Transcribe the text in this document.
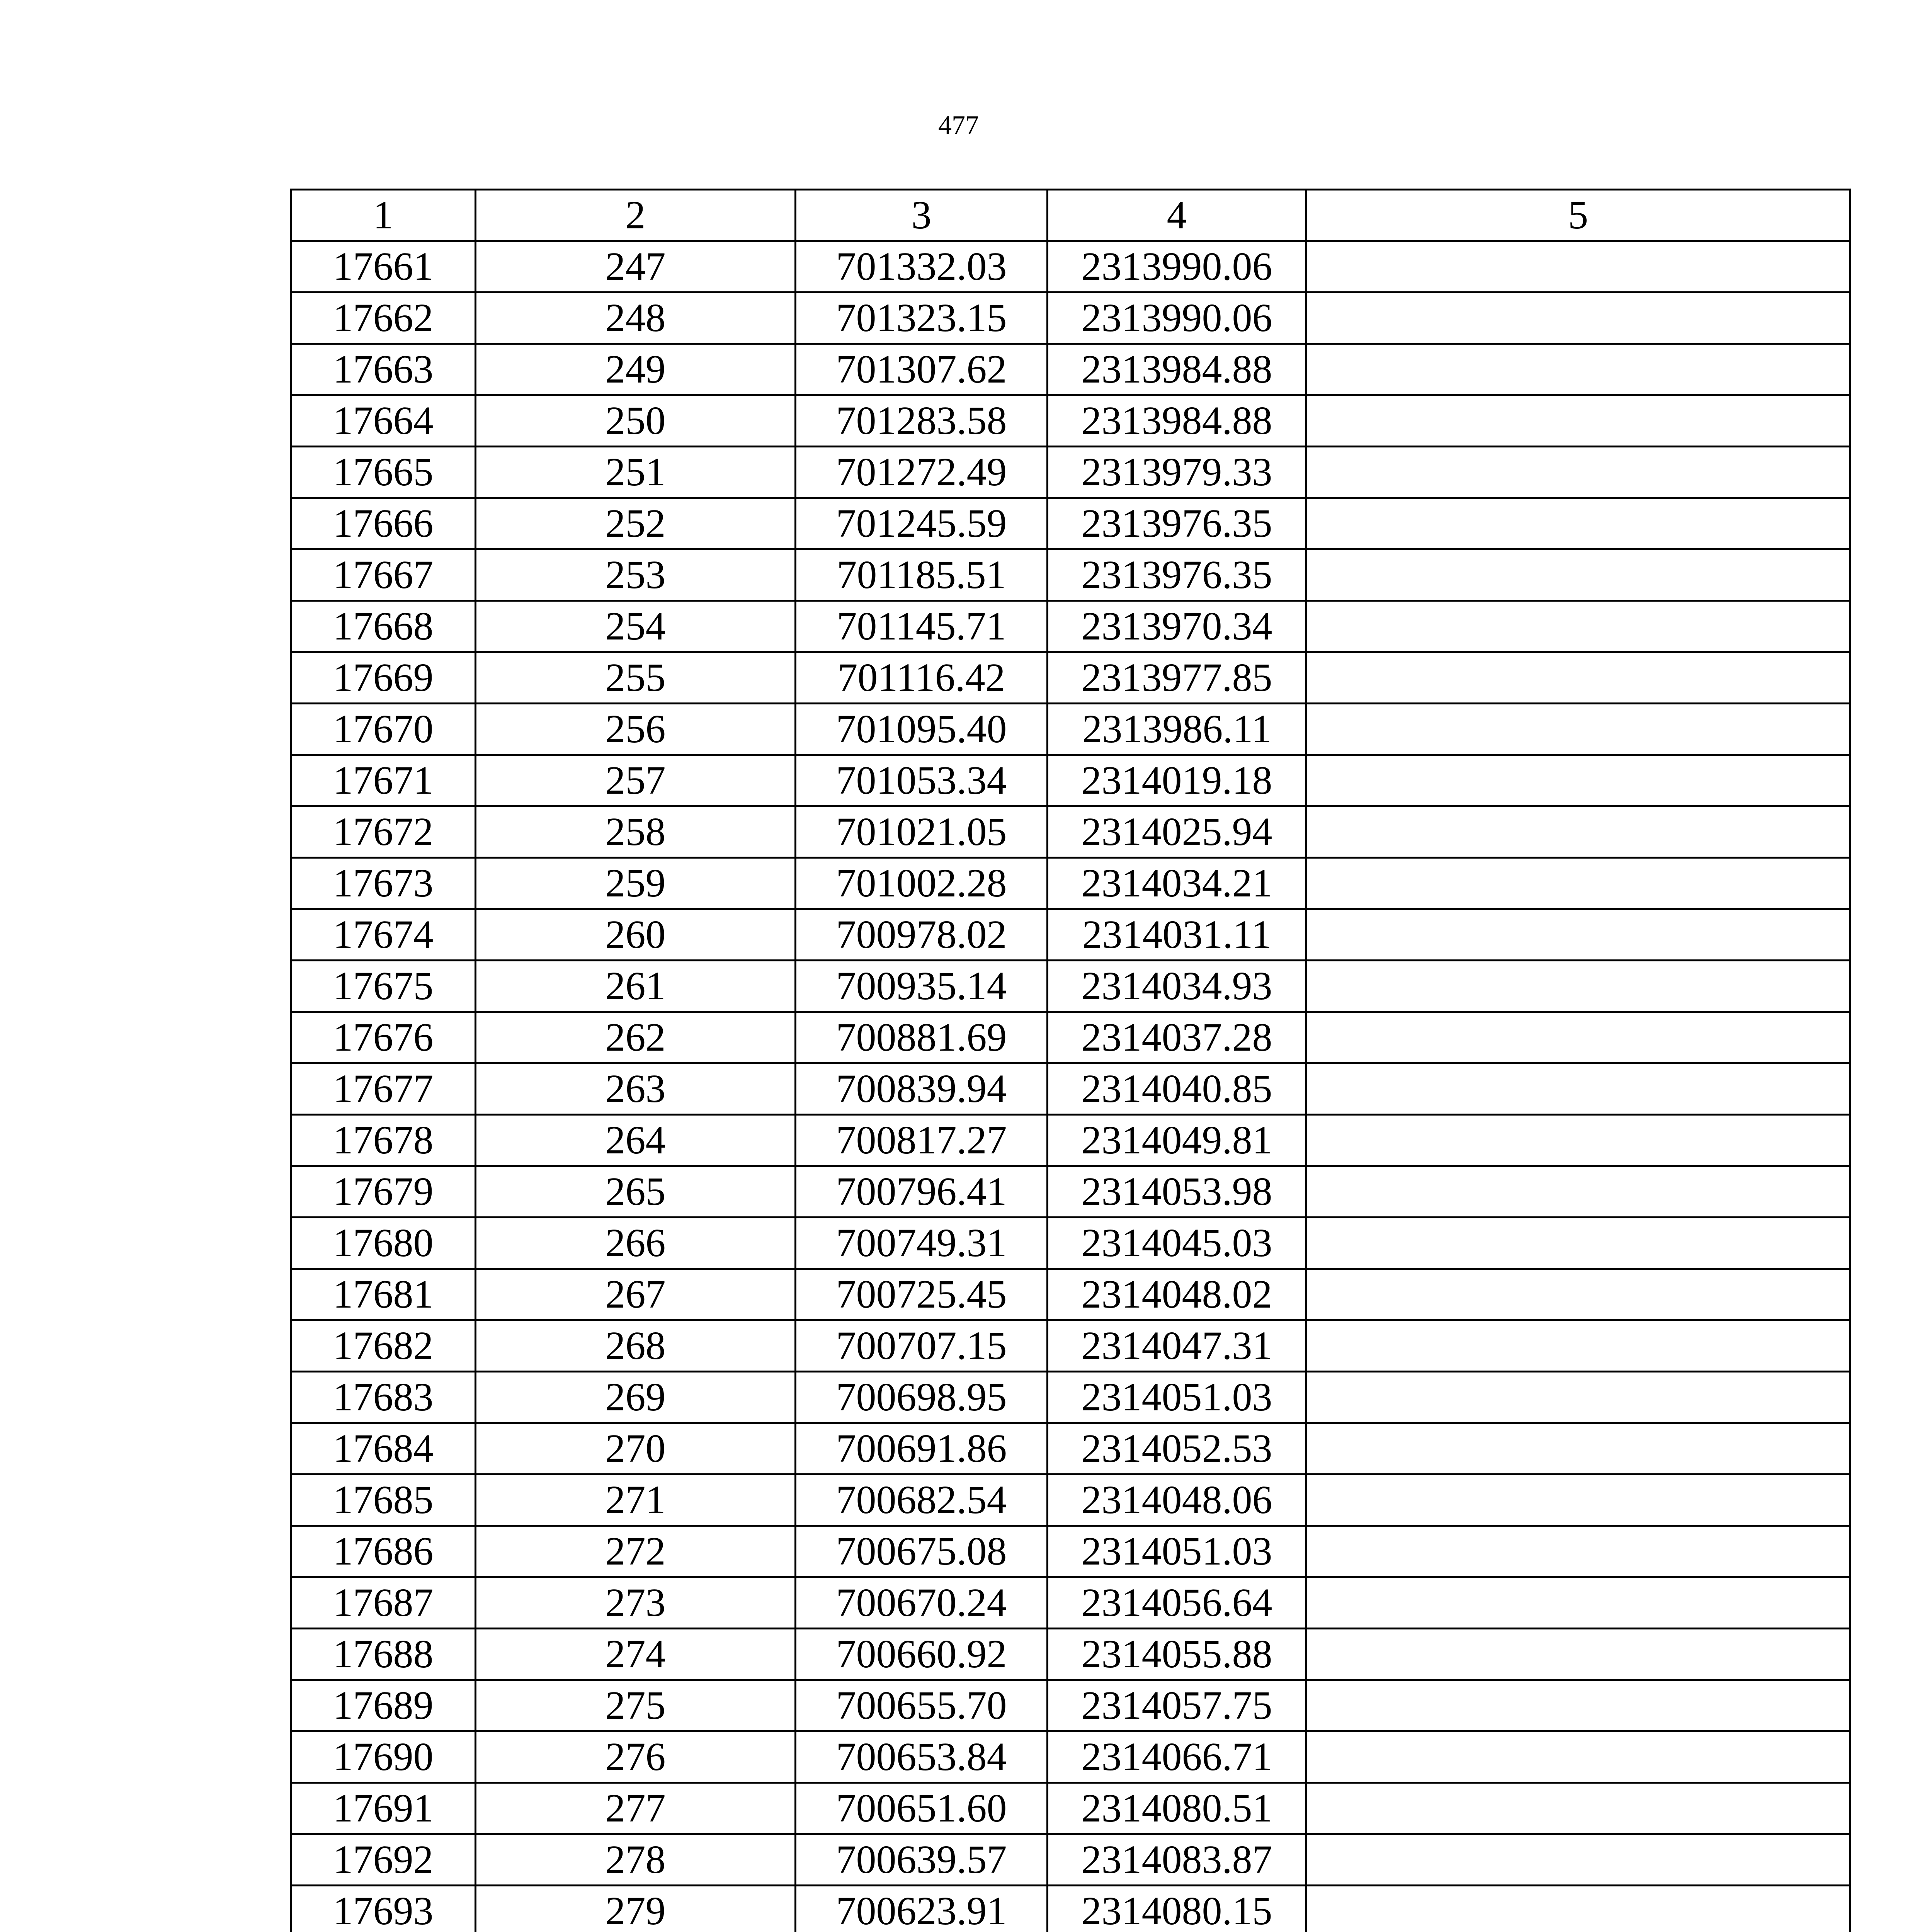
477
1	2	3	4	5
17661	247	701332.03	2313990.06	
17662	248	701323.15	2313990.06	
17663	249	701307.62	2313984.88	
17664	250	701283.58	2313984.88	
17665	251	701272.49	2313979.33	
17666	252	701245.59	2313976.35	
17667	253	701185.51	2313976.35	
17668	254	701145.71	2313970.34	
17669	255	701116.42	2313977.85	
17670	256	701095.40	2313986.11	
17671	257	701053.34	2314019.18	
17672	258	701021.05	2314025.94	
17673	259	701002.28	2314034.21	
17674	260	700978.02	2314031.11	
17675	261	700935.14	2314034.93	
17676	262	700881.69	2314037.28	
17677	263	700839.94	2314040.85	
17678	264	700817.27	2314049.81	
17679	265	700796.41	2314053.98	
17680	266	700749.31	2314045.03	
17681	267	700725.45	2314048.02	
17682	268	700707.15	2314047.31	
17683	269	700698.95	2314051.03	
17684	270	700691.86	2314052.53	
17685	271	700682.54	2314048.06	
17686	272	700675.08	2314051.03	
17687	273	700670.24	2314056.64	
17688	274	700660.92	2314055.88	
17689	275	700655.70	2314057.75	
17690	276	700653.84	2314066.71	
17691	277	700651.60	2314080.51	
17692	278	700639.57	2314083.87	
17693	279	700623.91	2314080.15	
